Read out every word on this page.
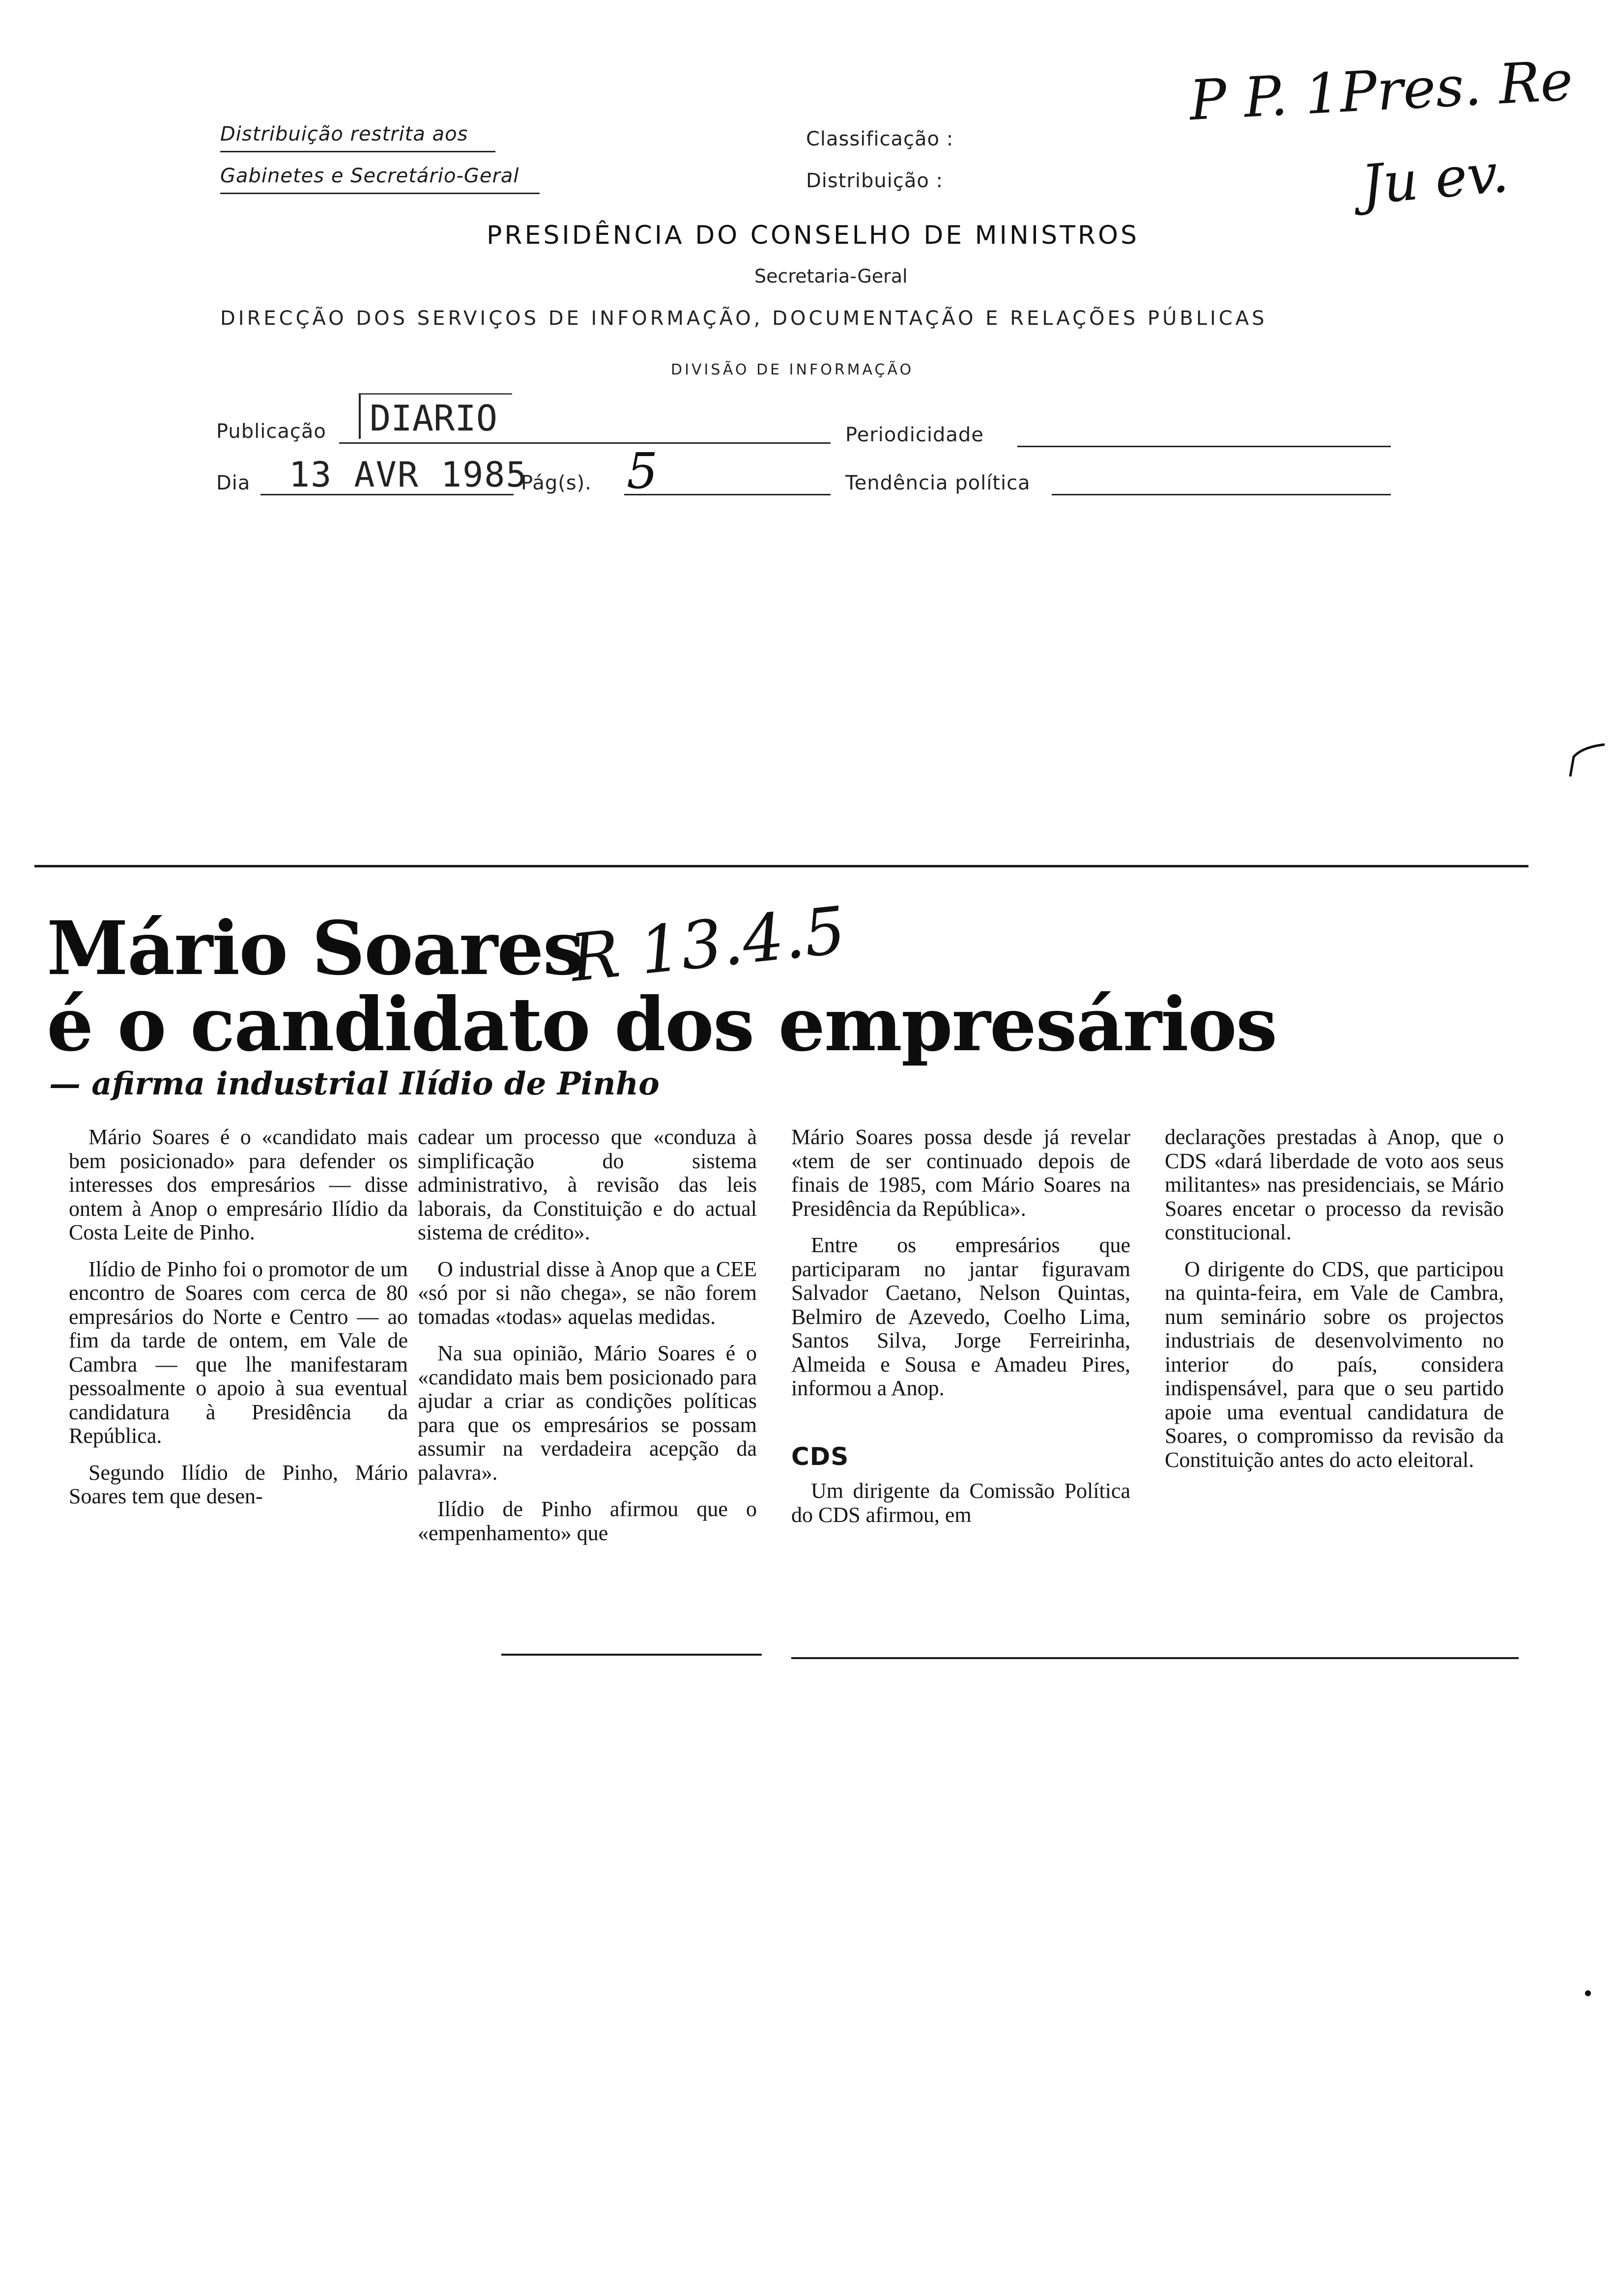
Distribuição restrita aos
Gabinetes e Secretário-Geral
Classificação :
Distribuição :
P P. 1Pres. Re
Ju ev.
PRESIDÊNCIA DO CONSELHO DE MINISTROS
Secretaria-Geral
DIRECÇÃO DOS SERVIÇOS DE INFORMAÇÃO, DOCUMENTAÇÃO E RELAÇÕES PÚBLICAS
DIVISÃO DE INFORMAÇÃO
Publicação	DIARIO	Periodicidade
Dia 13 AVR 1985
Pág(s). 5	Tendência política
Mário Soares
é o candidato dos empresários
R 13.4.5
— afirma industrial Ilídio de Pinho

Mário Soares é o «candidato mais bem posicionado» para defender os interesses dos empresários — disse ontem à Anop o empresário Ilídio da Costa Leite de Pinho.

Ilídio de Pinho foi o promotor de um encontro de Soares com cerca de 80 empresários do Norte e Centro — ao fim da tarde de ontem, em Vale de Cambra — que lhe manifestaram pessoalmente o apoio à sua eventual candidatura à Presidência da República.

Segundo Ilídio de Pinho, Mário Soares tem que desen-

cadear um processo que «conduza à simplificação do sistema administrativo, à revisão das leis laborais, da Constituição e do actual sistema de crédito».

O industrial disse à Anop que a CEE «só por si não chega», se não forem tomadas «todas» aquelas medidas.

Na sua opinião, Mário Soares é o «candidato mais bem posicionado para ajudar a criar as condições políticas para que os empresários se possam assumir na verdadeira acepção da palavra».

Ilídio de Pinho afirmou que o «empenhamento» que

Mário Soares possa desde já revelar «tem de ser continuado depois de finais de 1985, com Mário Soares na Presidência da República».

Entre os empresários que participaram no jantar figuravam Salvador Caetano, Nelson Quintas, Belmiro de Azevedo, Coelho Lima, Santos Silva, Jorge Ferreirinha, Almeida e Sousa e Amadeu Pires, informou a Anop.

CDS

Um dirigente da Comissão Política do CDS afirmou, em

declarações prestadas à Anop, que o CDS «dará liberdade de voto aos seus militantes» nas presidenciais, se Mário Soares encetar o processo da revisão constitucional.

O dirigente do CDS, que participou na quinta-feira, em Vale de Cambra, num seminário sobre os projectos industriais de desenvolvimento no interior do país, considera indispensável, para que o seu partido apoie uma eventual candidatura de Soares, o compromisso da revisão da Constituição antes do acto eleitoral.
